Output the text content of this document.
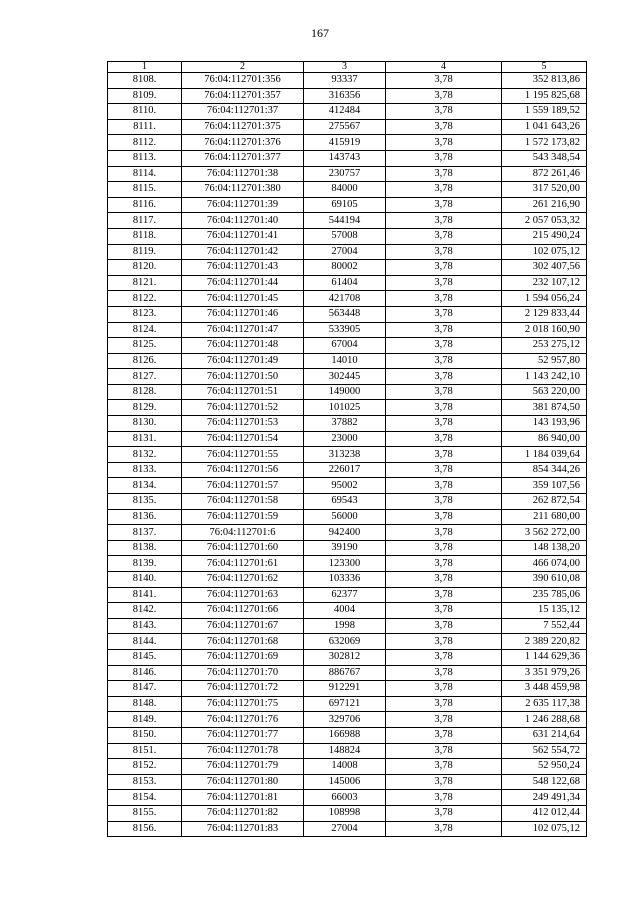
167
1	2	3	4	5
8108.	76:04:112701:356	93337	3,78	352 813,86
8109.	76:04:112701:357	316356	3,78	1 195 825,68
8110.	76:04:112701:37	412484	3,78	1 559 189,52
8111.	76:04:112701:375	275567	3,78	1 041 643,26
8112.	76:04:112701:376	415919	3,78	1 572 173,82
8113.	76:04:112701:377	143743	3,78	543 348,54
8114.	76:04:112701:38	230757	3,78	872 261,46
8115.	76:04:112701:380	84000	3,78	317 520,00
8116.	76:04:112701:39	69105	3,78	261 216,90
8117.	76:04:112701:40	544194	3,78	2 057 053,32
8118.	76:04:112701:41	57008	3,78	215 490,24
8119.	76:04:112701:42	27004	3,78	102 075,12
8120.	76:04:112701:43	80002	3,78	302 407,56
8121.	76:04:112701:44	61404	3,78	232 107,12
8122.	76:04:112701:45	421708	3,78	1 594 056,24
8123.	76:04:112701:46	563448	3,78	2 129 833,44
8124.	76:04:112701:47	533905	3,78	2 018 160,90
8125.	76:04:112701:48	67004	3,78	253 275,12
8126.	76:04:112701:49	14010	3,78	52 957,80
8127.	76:04:112701:50	302445	3,78	1 143 242,10
8128.	76:04:112701:51	149000	3,78	563 220,00
8129.	76:04:112701:52	101025	3,78	381 874,50
8130.	76:04:112701:53	37882	3,78	143 193,96
8131.	76:04:112701:54	23000	3,78	86 940,00
8132.	76:04:112701:55	313238	3,78	1 184 039,64
8133.	76:04:112701:56	226017	3,78	854 344,26
8134.	76:04:112701:57	95002	3,78	359 107,56
8135.	76:04:112701:58	69543	3,78	262 872,54
8136.	76:04:112701:59	56000	3,78	211 680,00
8137.	76:04:112701:6	942400	3,78	3 562 272,00
8138.	76:04:112701:60	39190	3,78	148 138,20
8139.	76:04:112701:61	123300	3,78	466 074,00
8140.	76:04:112701:62	103336	3,78	390 610,08
8141.	76:04:112701:63	62377	3,78	235 785,06
8142.	76:04:112701:66	4004	3,78	15 135,12
8143.	76:04:112701:67	1998	3,78	7 552,44
8144.	76:04:112701:68	632069	3,78	2 389 220,82
8145.	76:04:112701:69	302812	3,78	1 144 629,36
8146.	76:04:112701:70	886767	3,78	3 351 979,26
8147.	76:04:112701:72	912291	3,78	3 448 459,98
8148.	76:04:112701:75	697121	3,78	2 635 117,38
8149.	76:04:112701:76	329706	3,78	1 246 288,68
8150.	76:04:112701:77	166988	3,78	631 214,64
8151.	76:04:112701:78	148824	3,78	562 554,72
8152.	76:04:112701:79	14008	3,78	52 950,24
8153.	76:04:112701:80	145006	3,78	548 122,68
8154.	76:04:112701:81	66003	3,78	249 491,34
8155.	76:04:112701:82	108998	3,78	412 012,44
8156.	76:04:112701:83	27004	3,78	102 075,12
